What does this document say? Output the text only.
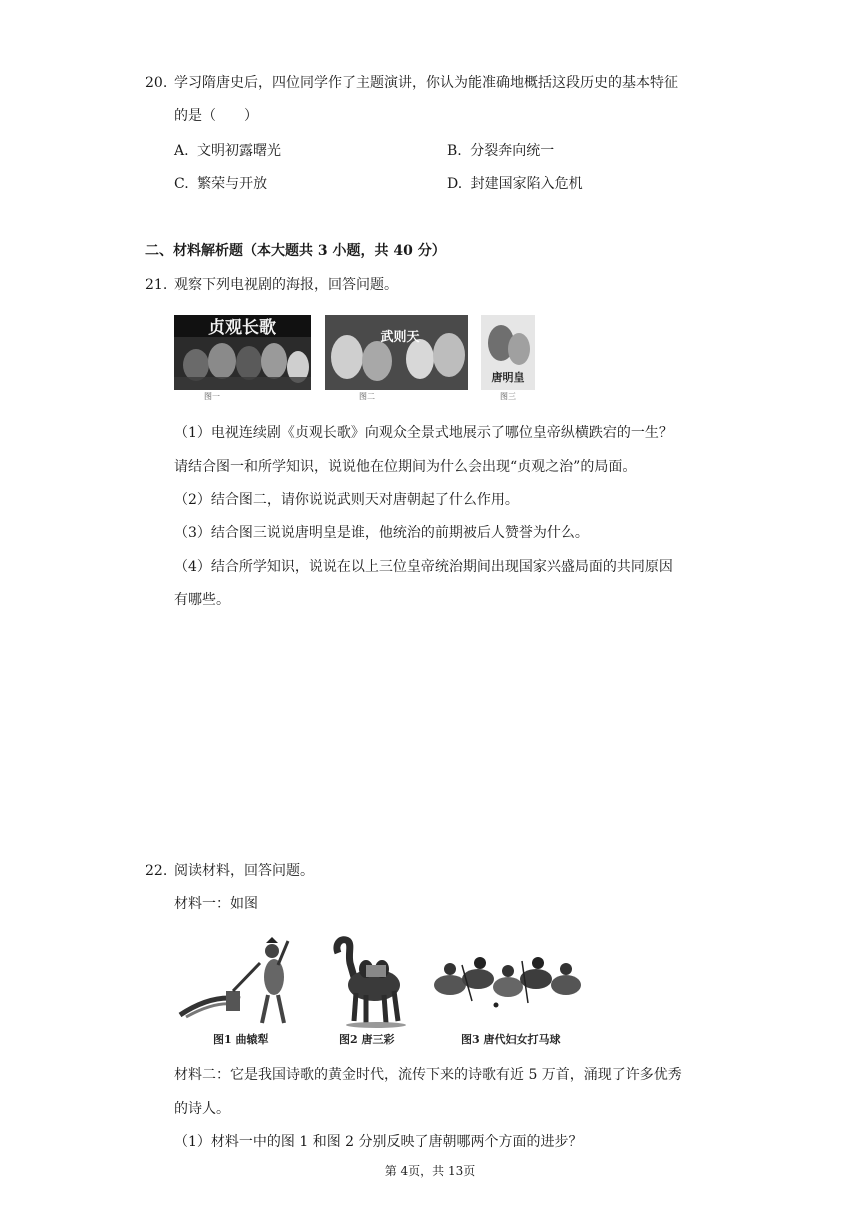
20. 学习隋唐史后，四位同学作了主题演讲，你认为能准确地概括这段历史的基本特征
的是（　　）
A. 文明初露曙光	B. 分裂奔向统一
C. 繁荣与开放	D. 封建国家陷入危机
二、材料解析题（本大题共 3 小题，共 40 分）
21. 观察下列电视剧的海报，回答问题。
贞观长歌
图一
武则天
图二
唐明皇
图三
（1）电视连续剧《贞观长歌》向观众全景式地展示了哪位皇帝纵横跌宕的一生？
请结合图一和所学知识，说说他在位期间为什么会出现“贞观之治”的局面。
（2）结合图二，请你说说武则天对唐朝起了什么作用。
（3）结合图三说说唐明皇是谁，他统治的前期被后人赞誉为什么。
（4）结合所学知识，说说在以上三位皇帝统治期间出现国家兴盛局面的共同原因
有哪些。
22. 阅读材料，回答问题。
材料一：如图
图1 曲辕犁	图2 唐三彩	图3 唐代妇女打马球
材料二：它是我国诗歌的黄金时代，流传下来的诗歌有近 5 万首，涌现了许多优秀
的诗人。
（1）材料一中的图 1 和图 2 分别反映了唐朝哪两个方面的进步？
第 4页，共 13页
